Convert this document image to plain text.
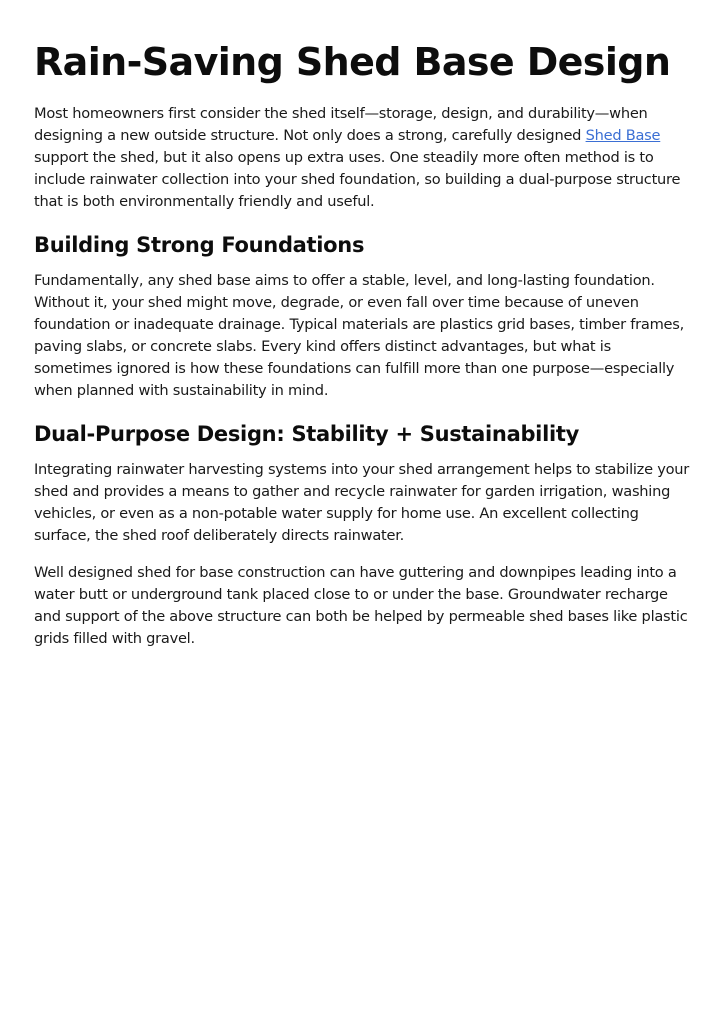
Rain-Saving Shed Base Design

Most homeowners first consider the shed itself—storage, design, and durability—when designing a new outside structure. Not only does a strong, carefully designed Shed Base support the shed, but it also opens up extra uses. One steadily more often method is to include rainwater collection into your shed foundation, so building a dual-purpose structure that is both environmentally friendly and useful.

Building Strong Foundations

Fundamentally, any shed base aims to offer a stable, level, and long-lasting foundation. Without it, your shed might move, degrade, or even fall over time because of uneven foundation or inadequate drainage. Typical materials are plastics grid bases, timber frames, paving slabs, or concrete slabs. Every kind offers distinct advantages, but what is sometimes ignored is how these foundations can fulfill more than one purpose—especially when planned with sustainability in mind.

Dual-Purpose Design: Stability + Sustainability

Integrating rainwater harvesting systems into your shed arrangement helps to stabilize your shed and provides a means to gather and recycle rainwater for garden irrigation, washing vehicles, or even as a non-potable water supply for home use. An excellent collecting surface, the shed roof deliberately directs rainwater.

Well designed shed for base construction can have guttering and downpipes leading into a water butt or underground tank placed close to or under the base. Groundwater recharge and support of the above structure can both be helped by permeable shed bases like plastic grids filled with gravel.
